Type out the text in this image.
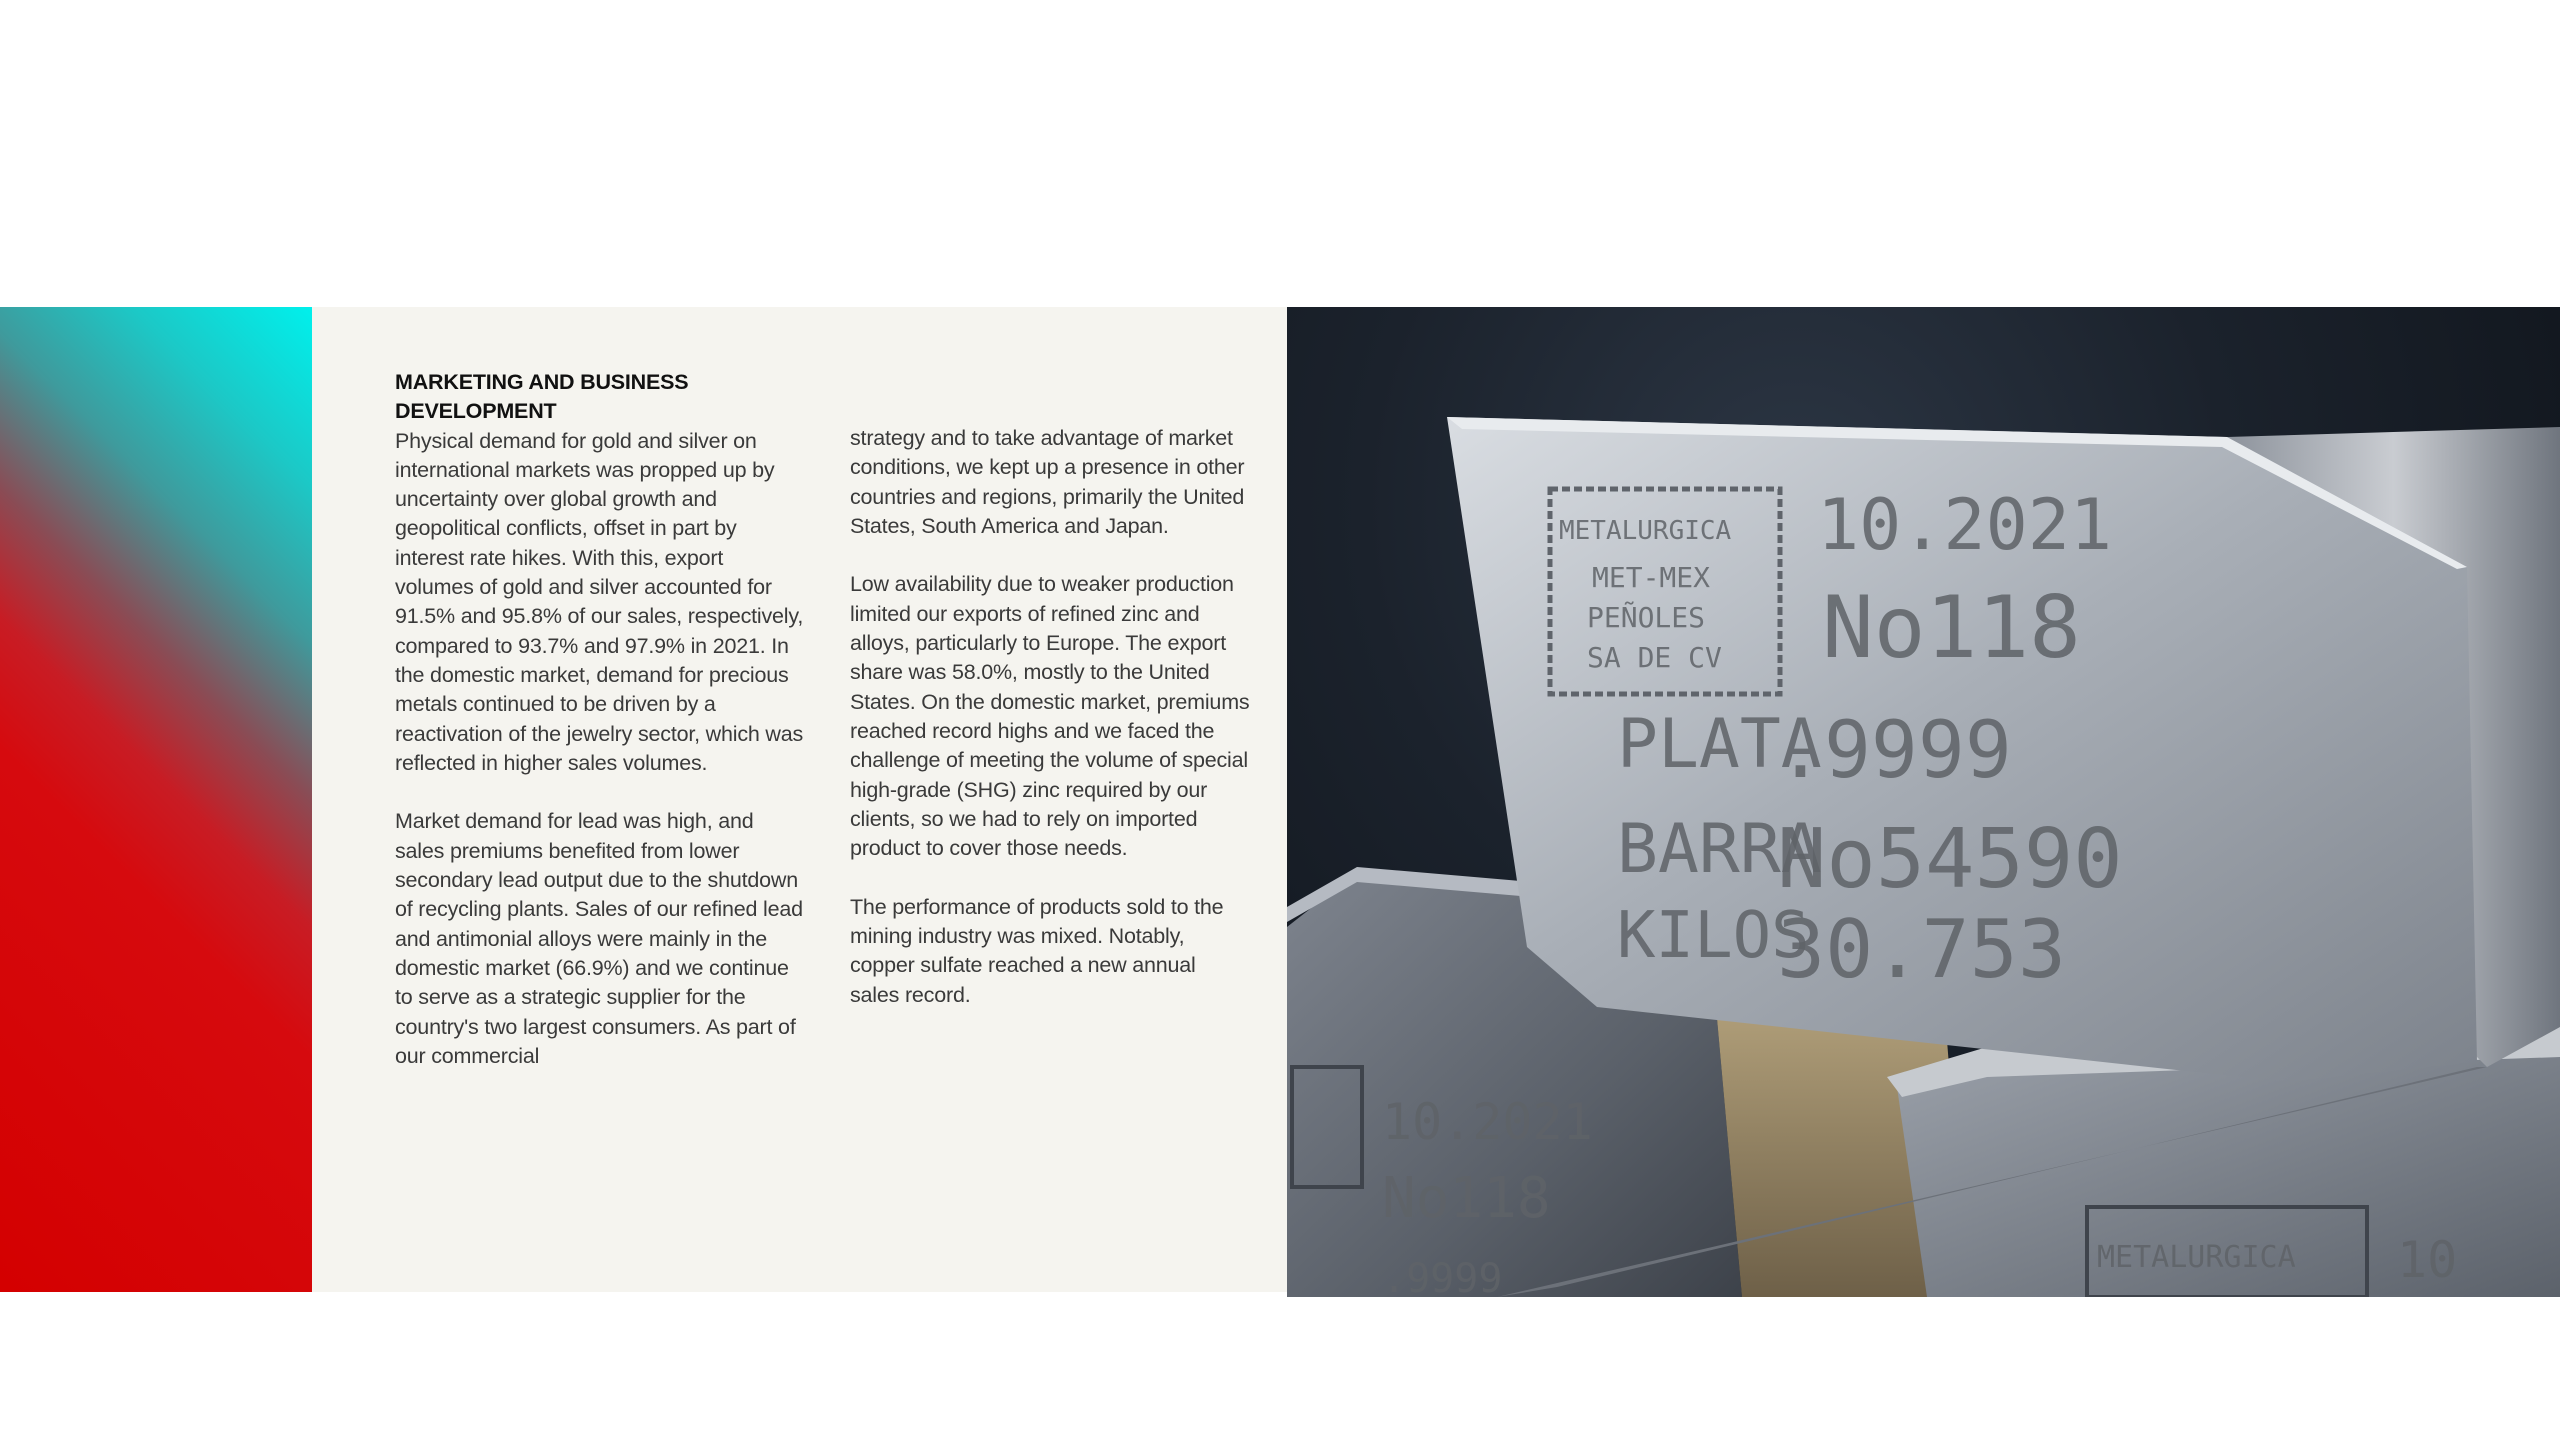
MARKETING AND BUSINESS DEVELOPMENT

Physical demand for gold and silver on international markets was propped up by uncertainty over global growth and geopolitical conflicts, offset in part by interest rate hikes. With this, export volumes of gold and silver accounted for 91.5% and 95.8% of our sales, respectively, compared to 93.7% and 97.9% in 2021. In the domestic market, demand for precious metals continued to be driven by a reactivation of the jewelry sector, which was reflected in higher sales volumes.

Market demand for lead was high, and sales premiums benefited from lower secondary lead output due to the shutdown of recycling plants. Sales of our refined lead and antimonial alloys were mainly in the domestic market (66.9%) and we continue to serve as a strategic supplier for the country's two largest consumers. As part of our commercial

strategy and to take advantage of market conditions, we kept up a presence in other countries and regions, primarily the United States, South America and Japan.

Low availability due to weaker production limited our exports of refined zinc and alloys, particularly to Europe. The export share was 58.0%, mostly to the United States. On the domestic market, premiums reached record highs and we faced the challenge of meeting the volume of special high-grade (SHG) zinc required by our clients, so we had to rely on imported product to cover those needs.

The performance of products sold to the mining industry was mixed. Notably, copper sulfate reached a new annual sales record.

10.2021
No118
.9999	METALURGICA 10
METALURGICA
MET-MEX
PEÑOLES
SA DE CV
10.2021
No118
PLATA
.9999
BARRA
No54590
KILOS
30.753
